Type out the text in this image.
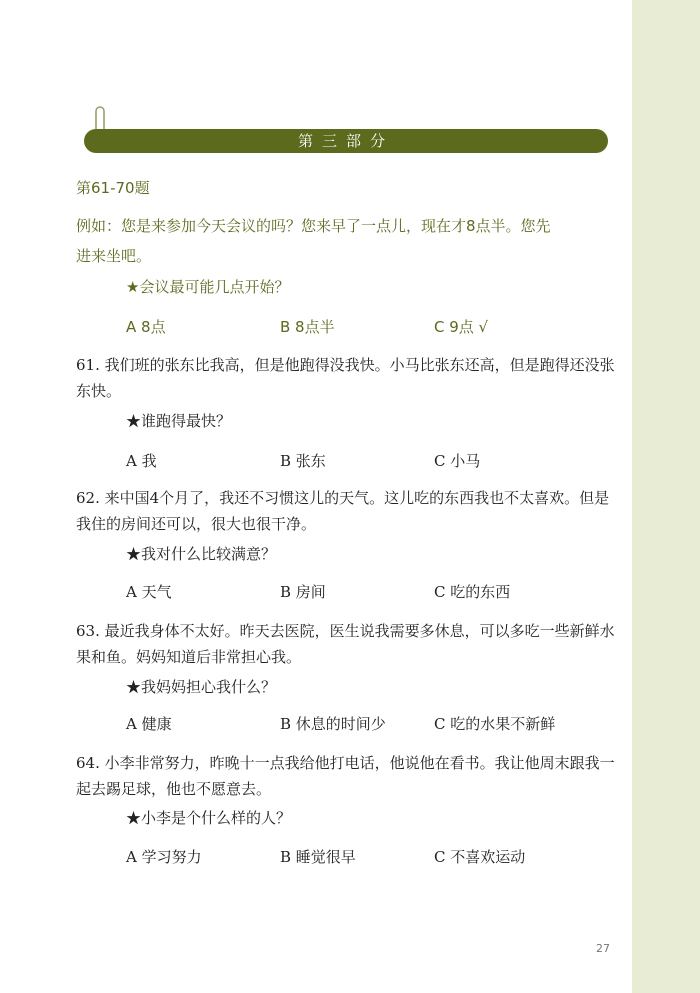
第三部分
第61-70题
例如：您是来参加今天会议的吗？您来早了一点儿，现在才8点半。您先
进来坐吧。
★会议最可能几点开始？
A 8点	B 8点半	C 9点 √
61. 我们班的张东比我高，但是他跑得没我快。小马比张东还高，但是跑得还没张
东快。
★谁跑得最快？
A 我	B 张东	C 小马
62. 来中国4个月了，我还不习惯这儿的天气。这儿吃的东西我也不太喜欢。但是
我住的房间还可以，很大也很干净。
★我对什么比较满意？
A 天气	B 房间	C 吃的东西
63. 最近我身体不太好。昨天去医院，医生说我需要多休息，可以多吃一些新鲜水
果和鱼。妈妈知道后非常担心我。
★我妈妈担心我什么？
A 健康	B 休息的时间少	C 吃的水果不新鲜
64. 小李非常努力，昨晚十一点我给他打电话，他说他在看书。我让他周末跟我一
起去踢足球，他也不愿意去。
★小李是个什么样的人？
A 学习努力	B 睡觉很早	C 不喜欢运动
27
